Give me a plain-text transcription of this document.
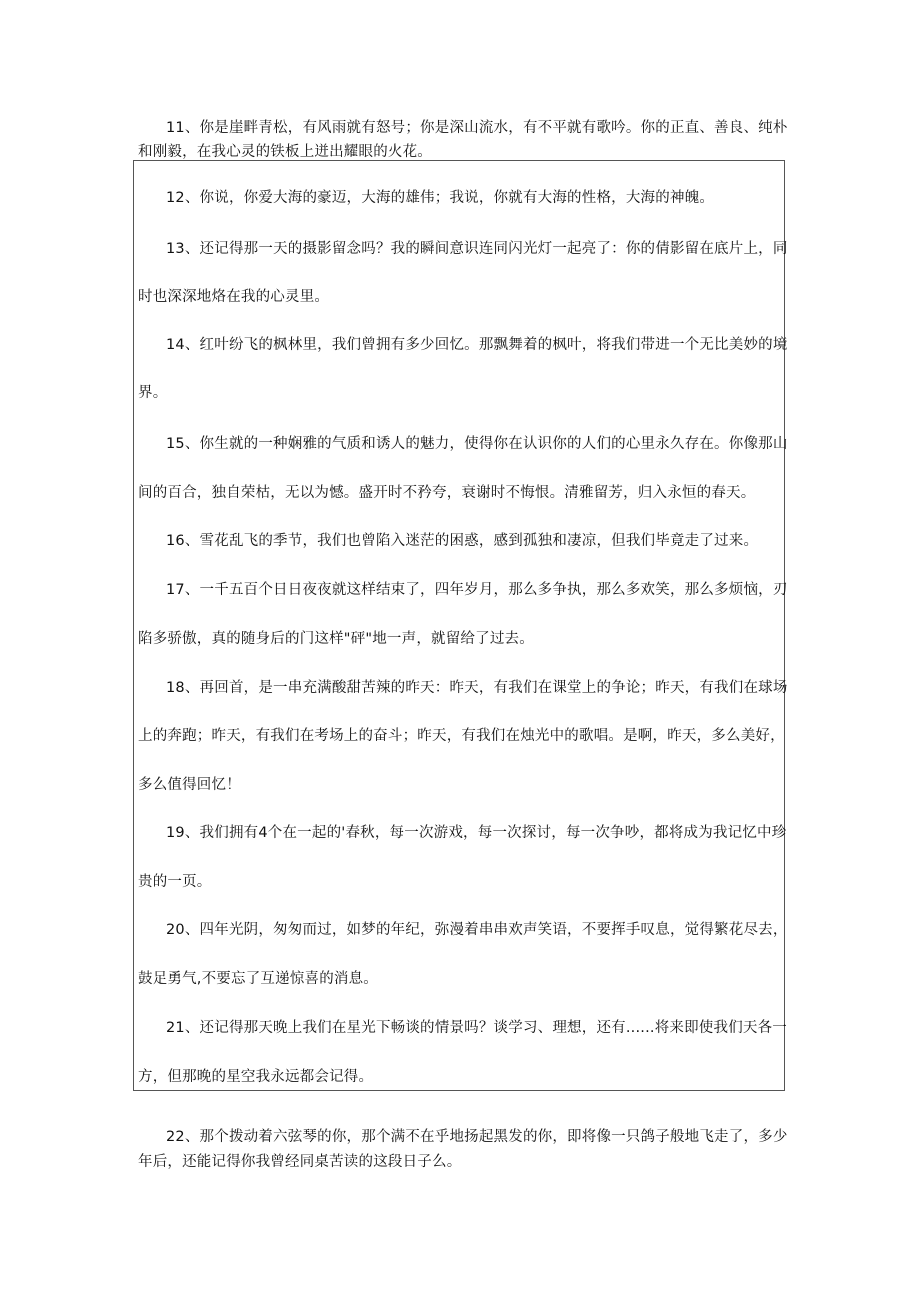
11、你是崖畔青松，有风雨就有怒号；你是深山流水，有不平就有歌吟。你的正直、善良、纯朴

和刚毅，在我心灵的铁板上迸出耀眼的火花。

12、你说，你爱大海的豪迈，大海的雄伟；我说，你就有大海的性格，大海的神魄。

13、还记得那一天的摄影留念吗？我的瞬间意识连同闪光灯一起亮了：你的倩影留在底片上，同

时也深深地烙在我的心灵里。

14、红叶纷飞的枫林里，我们曾拥有多少回忆。那飘舞着的枫叶，将我们带进一个无比美妙的境

界。

15、你生就的一种娴雅的气质和诱人的魅力，使得你在认识你的人们的心里永久存在。你像那山

间的百合，独自荣枯，无以为憾。盛开时不矜夸，衰谢时不悔恨。清雅留芳，归入永恒的春天。

16、雪花乱飞的季节，我们也曾陷入迷茫的困惑，感到孤独和凄凉，但我们毕竟走了过来。

17、一千五百个日日夜夜就这样结束了，四年岁月，那么多争执，那么多欢笑，那么多烦恼，刃

陷多骄傲，真的随身后的门这样"砰"地一声，就留给了过去。

18、再回首，是一串充满酸甜苦辣的昨天：昨天，有我们在课堂上的争论；昨天，有我们在球场

上的奔跑；昨天，有我们在考场上的奋斗；昨天，有我们在烛光中的歌唱。是啊，昨天，多么美好，

多么值得回忆！

19、我们拥有4个在一起的'春秋，每一次游戏，每一次探讨，每一次争吵，都将成为我记忆中珍

贵的一页。

20、四年光阴，匆匆而过，如梦的年纪，弥漫着串串欢声笑语，不要挥手叹息，觉得繁花尽去，

鼓足勇气,不要忘了互递惊喜的消息。

21、还记得那天晚上我们在星光下畅谈的情景吗？谈学习、理想，还有......将来即使我们天各一

方，但那晚的星空我永远都会记得。

22、那个拨动着六弦琴的你，那个满不在乎地扬起黑发的你，即将像一只鸽子般地飞走了，多少

年后，还能记得你我曾经同桌苦读的这段日子么。
